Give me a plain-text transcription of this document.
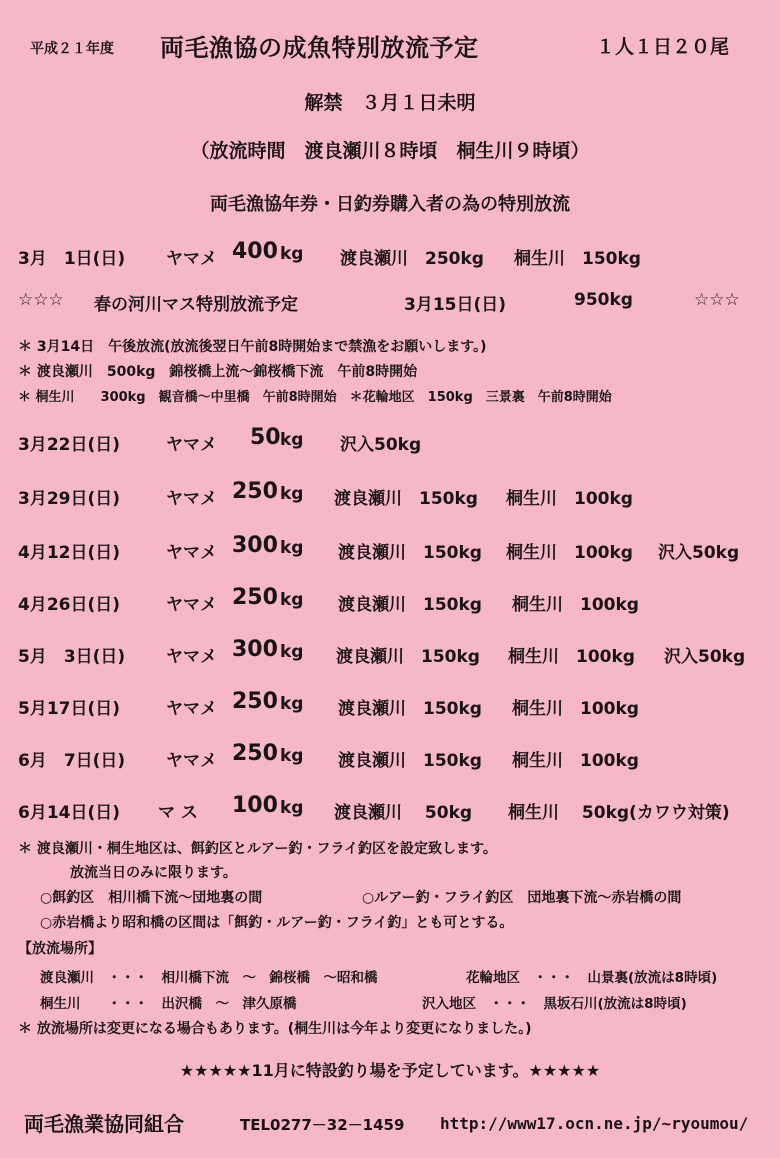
平成２１年度 両毛漁協の成魚特別放流予定	１人１日２０尾
解禁　３月１日未明
（放流時間　渡良瀬川８時頃　桐生川９時頃）
両毛漁協年券・日釣券購入者の為の特別放流
3月　1日(日) ヤマメ 400 kg 渡良瀬川　250kg 桐生川　150kg
☆☆☆ 春の河川マス特別放流予定	3月15日(日)	950kg	☆☆☆
＊ 3月14日　午後放流(放流後翌日午前8時開始まで禁漁をお願いします。)
＊ 渡良瀬川　500kg　錦桜橋上流～錦桜橋下流　午前8時開始
＊ 桐生川　　300kg　観音橋～中里橋　午前8時開始　＊花輪地区　150kg　三景裏　午前8時開始
3月22日(日)	ヤマメ 50 kg 沢入50kg
3月29日(日)	ヤマメ 250 kg 渡良瀬川　150kg 桐生川　100kg
4月12日(日)	ヤマメ 300 kg 渡良瀬川　150kg 桐生川　100kg 沢入50kg
4月26日(日)	ヤマメ 250 kg 渡良瀬川　150kg 桐生川　100kg
5月　3日(日) ヤマメ 300 kg 渡良瀬川　150kg 桐生川　100kg 沢入50kg
5月17日(日)	ヤマメ 250 kg 渡良瀬川　150kg 桐生川　100kg
6月　7日(日) ヤマメ 250 kg 渡良瀬川　150kg 桐生川　100kg
6月14日(日) マ ス 100 kg 渡良瀬川　 50kg 桐生川　 50kg(カワウ対策)
＊ 渡良瀬川・桐生地区は、餌釣区とルアー釣・フライ釣区を設定致します。
放流当日のみに限ります。
○餌釣区　相川橋下流～団地裏の間	○ルアー釣・フライ釣区　団地裏下流～赤岩橋の間
○赤岩橋より昭和橋の区間は「餌釣・ルアー釣・フライ釣」とも可とする。
【放流場所】
渡良瀬川　・・・　相川橋下流　～　錦桜橋　～昭和橋	花輪地区　・・・　山景裏(放流は8時頃)
桐生川　　・・・　出沢橋　～　津久原橋	沢入地区　・・・　黒坂石川(放流は8時頃)
＊ 放流場所は変更になる場合もあります。(桐生川は今年より変更になりました。)
★★★★★11月に特設釣り場を予定しています。★★★★★
両毛漁業協同組合	TEL0277－32－1459 http://www17.ocn.ne.jp/~ryoumou/
